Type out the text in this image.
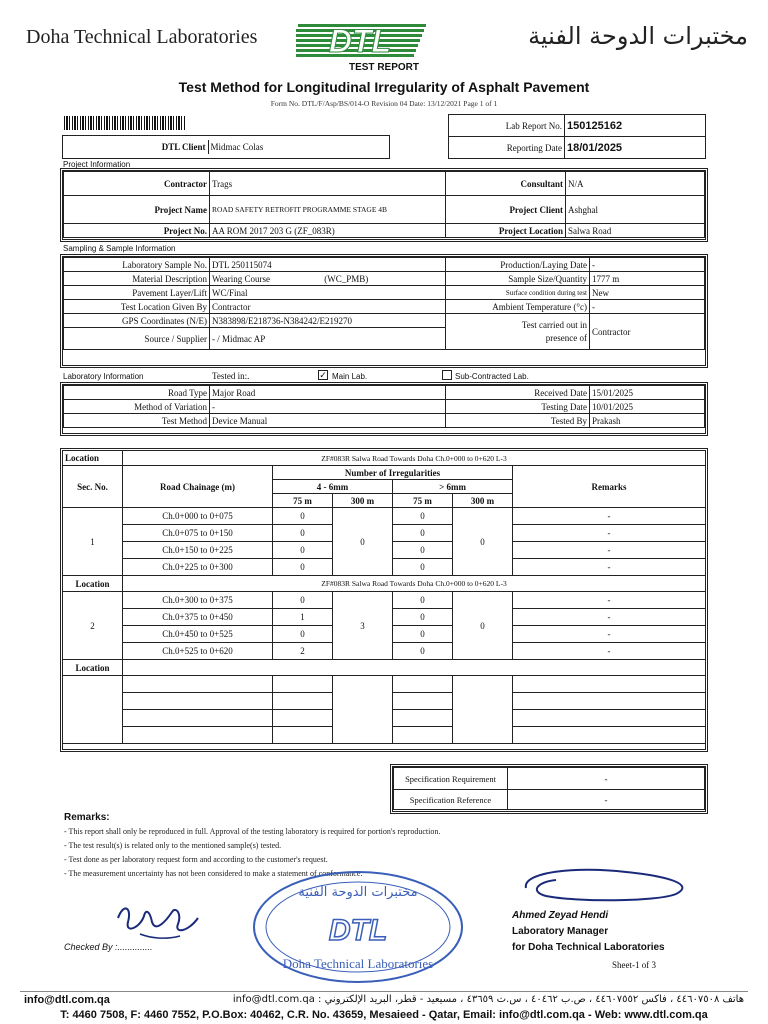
Doha Technical Laboratories DTL	مختبرات الدوحة الفنية
TEST REPORT
Test Method for Longitudinal Irregularity of Asphalt Pavement
Form No. DTL/F/Asp/BS/014-O Revision 04 Date: 13/12/2021 Page 1 of 1
DTL Client	Midmac Colas
Lab Report No.	150125162
Reporting Date	18/01/2025
Project Information
Contractor	Trags	Consultant	N/A
Project Name	ROAD SAFETY RETROFIT PROGRAMME STAGE 4B	Project Client	Ashghal
Project No.	AA ROM 2017 203 G (ZF_083R)	Project Location	Salwa Road
Sampling & Sample Information
Laboratory Sample No.	DTL 250115074	Production/Laying Date	-
Material Description	Wearing Course (WC_PMB)	Sample Size/Quantity	1777 m
Pavement Layer/Lift	WC/Final	Surface condition during test	New
Test Location Given By	Contractor	Ambient Temperature (°c)	-
GPS Coordinates (N/E)	N383898/E218736-N384242/E219270	Test carried out in
presence of	Contractor
Source / Supplier	- / Midmac AP		
Laboratory Information	Tested in:.	✓ Main Lab.	Sub-Contracted Lab.
Road Type	Major Road	Received Date	15/01/2025
Method of Variation	-	Testing Date	10/01/2025
Test Method	Device Manual	Tested By	Prakash
Location	ZF#083R Salwa Road Towards Doha Ch.0+000 to 0+620 L-3					
Sec. No.	Road Chainage (m)	Number of Irregularities				Remarks
		4 - 6mm		> 6mm		
		75 m	300 m	75 m	300 m	
1	Ch.0+000 to 0+075	0	0	0	0	-
	Ch.0+075 to 0+150	0		0		-
	Ch.0+150 to 0+225	0		0		-
	Ch.0+225 to 0+300	0		0		-
Location	ZF#083R Salwa Road Towards Doha Ch.0+000 to 0+620 L-3					
2	Ch.0+300 to 0+375	0	3	0	0	-
	Ch.0+375 to 0+450	1		0		-
	Ch.0+450 to 0+525	0		0		-
	Ch.0+525 to 0+620	2		0		-
Location						

Specification Requirement	-
Specification Reference	-
Remarks:
- This report shall only be reproduced in full. Approval of the testing laboratory is required for portion's reproduction.
- The test result(s) is related only to the mentioned sample(s) tested.
- Test done as per laboratory request form and according to the customer's request.
- The measurement uncertainty has not been considered to make a statement of conformance.
Checked By :..............
مختبرات الدوحة الفنية
DTL
Doha Technical Laboratories
Ahmed Zeyad Hendi
Laboratory Manager
for Doha Technical Laboratories
Sheet-1 of 3
info@dtl.com.qa	هاتف ٤٤٦٠٧٥٠٨ ، فاكس ٤٤٦٠٧٥٥٢ ، ص.ب ٤٠٤٦٢ ، س.ت ٤٣٦٥٩ ، مسيعيد - قطر، البريد الإلكتروني : info@dtl.com.qa
T: 4460 7508, F: 4460 7552, P.O.Box: 40462, C.R. No. 43659, Mesaieed - Qatar, Email: info@dtl.com.qa - Web: www.dtl.com.qa
